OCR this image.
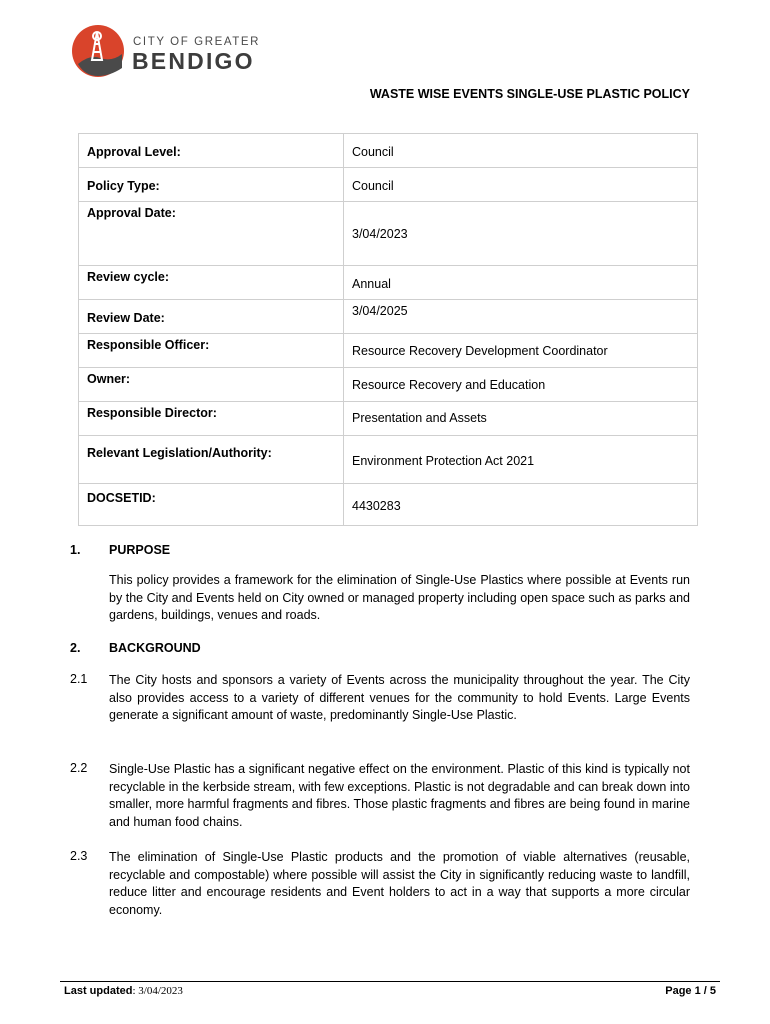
CITY OF GREATER
BENDIGO
WASTE WISE EVENTS SINGLE-USE PLASTIC POLICY
Approval Level:	Council
Policy Type:	Council
Approval Date:	3/04/2023
Review cycle:	Annual
Review Date:	3/04/2025
Responsible Officer:	Resource Recovery Development Coordinator
Owner:	Resource Recovery and Education
Responsible Director:	Presentation and Assets
Relevant Legislation/Authority:	Environment Protection Act 2021
DOCSETID:	4430283
1. PURPOSE
This policy provides a framework for the elimination of Single-Use Plastics where possible at Events run by the City and Events held on City owned or managed property including open space such as parks and gardens, buildings, venues and roads.
2. BACKGROUND
2.1 The City hosts and sponsors a variety of Events across the municipality throughout the year. The City also provides access to a variety of different venues for the community to hold Events. Large Events generate a significant amount of waste, predominantly Single-Use Plastic.
2.2 Single-Use Plastic has a significant negative effect on the environment. Plastic of this kind is typically not recyclable in the kerbside stream, with few exceptions. Plastic is not degradable and can break down into smaller, more harmful fragments and fibres. Those plastic fragments and fibres are being found in marine and human food chains.
2.3 The elimination of Single-Use Plastic products and the promotion of viable alternatives (reusable, recyclable and compostable) where possible will assist the City in significantly reducing waste to landfill, reduce litter and encourage residents and Event holders to act in a way that supports a more circular economy.
Last updated: 3/04/2023	Page 1 / 5
